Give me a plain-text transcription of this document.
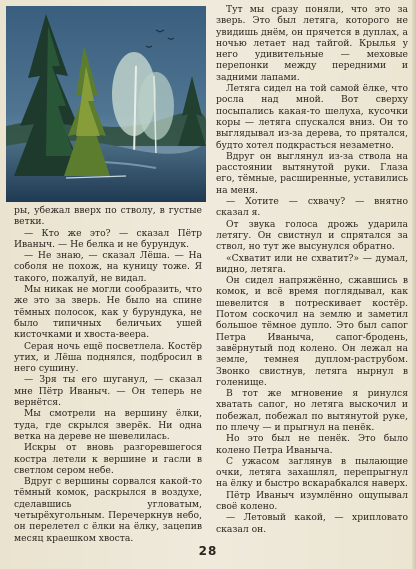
ры, убежал вверх по стволу, в густые ветки.

— Кто же это? — сказал Пётр Иваныч. — Не белка и не бурундук.

— Не знаю, — сказал Лёша. — На соболя не похож, на куницу тоже. Я такого, пожалуй, не видал.

Мы никак не могли сообразить, что же это за зверь. Не было на спине тёмных полосок, как у бурундука, не было типичных беличьих ушей кисточками и хвоста-веера.

Серая ночь ещё посветлела. Костёр утих, и Лёша поднялся, подбросил в него сушину.

— Зря ты его шуганул, — сказал мне Пётр Иваныч. — Он теперь не вернётся.

Мы смотрели на вершину ёлки, туда, где скрылся зверёк. Ни одна ветка на дереве не шевелилась.

Искры от вновь разгоревшегося костра летели к вершине и гасли в светлом сером небе.

Вдруг с вершины сорвался какой-то тёмный комок, раскрылся в воздухе, сделавшись угловатым, четырёхугольным. Перечеркнув небо, он перелетел с ёлки на ёлку, зацепив месяц краешком хвоста.

Тут мы сразу поняли, что это за зверь. Это был летяга, которого не увидишь днём, он прячется в дуплах, а ночью летает над тайгой. Крылья у него удивительные — меховые перепонки между передними и задними лапами.

Летяга сидел на той самой ёлке, что росла над мной. Вот сверху посыпались какая-то шелуха, кусочки коры — летяга спускался вниз. Он то выглядывал из-за дерева, то прятался, будто хотел подкрасться незаметно.

Вдруг он выглянул из-за ствола на расстоянии вытянутой руки. Глаза его, тёмные, расширенные, уставились на меня.

— Хотите — схвачу? — внятно сказал я.

От звука голоса дрожь ударила летягу. Он свистнул и спрятался за ствол, но тут же высунулся обратно.

«Схватит или не схватит?» — думал, видно, летяга.

Он сидел напряжённо, сжавшись в комок, и всё время поглядывал, как шевелится в потрескивает костёр. Потом соскочил на землю и заметил большое тёмное дупло. Это был сапог Петра Иваныча, сапог-бродень, завёрнутый под колено. Он лежал на земле, темнея дуплом-раструбом. Звонко свистнув, летяга нырнул в голенище.

В тот же мгновение я ринулся хватать сапог, но летяга выскочил и побежал, побежал по вытянутой руке, по плечу — и прыгнул на пенёк.

Но это был не пенёк. Это было колено Петра Иваныча.

С ужасом заглянув в пылающие очки, летяга захашлял, перепрыгнул на ёлку и быстро вскарабкался наверх.

Пётр Иваныч изумлённо ощупывал своё колено.

— Летовый какой, — хрипловато сказал он.

28
